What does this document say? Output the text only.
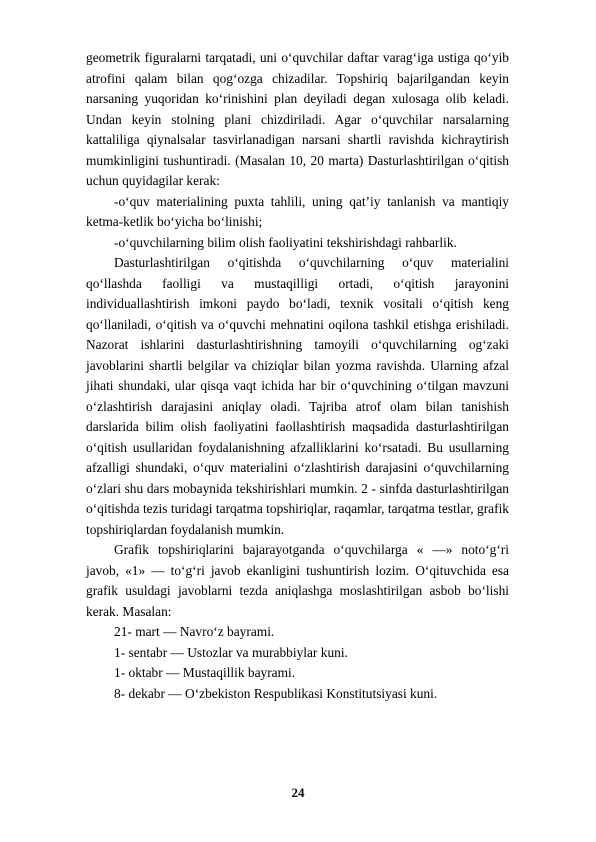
geometrik figuralarni tarqatadi, uni o‘quvchilar daftar varag‘iga ustiga qo‘yib atrofini qalam bilan qog‘ozga chizadilar. Topshiriq bajarilgandan keyin narsaning yuqoridan ko‘rinishini plan deyiladi degan xulosaga olib keladi. Undan keyin stolning plani chizdiriladi. Agar o‘quvchilar narsalarning kattaliliga qiynalsalar tasvirlanadigan narsani shartli ravishda kichraytirish mumkinligini tushuntiradi. (Masalan 10, 20 marta) Dasturlashtirilgan o‘qitish uchun quyidagilar kerak:

-o‘quv materialining puxta tahlili, uning qat’iy tanlanish va mantiqiy ketma-ketlik bo‘yicha bo‘linishi;

-o‘quvchilarning bilim olish faoliyatini tekshirishdagi rahbarlik.

Dasturlashtirilgan o‘qitishda o‘quvchilarning o‘quv materialini qo‘llashda faolligi va mustaqilligi ortadi, o‘qitish jarayonini individuallashtirish imkoni paydo bo‘ladi, texnik vositali o‘qitish keng qo‘llaniladi, o‘qitish va o‘quvchi mehnatini oqilona tashkil etishga erishiladi. Nazorat ishlarini dasturlashtirishning tamoyili o‘quvchilarning og‘zaki javoblarini shartli belgilar va chiziqlar bilan yozma ravishda. Ularning afzal jihati shundaki, ular qisqa vaqt ichida har bir o‘quvchining o‘tilgan mavzuni o‘zlashtirish darajasini aniqlay oladi. Tajriba atrof olam bilan tanishish darslarida bilim olish faoliyatini faollashtirish maqsadida dasturlashtirilgan o‘qitish usullaridan foydalanishning afzalliklarini ko‘rsatadi. Bu usullarning afzalligi shundaki, o‘quv materialini o‘zlashtirish darajasini o‘quvchilarning o‘zlari shu dars mobaynida tekshirishlari mumkin. 2 - sinfda dasturlashtirilgan o‘qitishda tezis turidagi tarqatma topshiriqlar, raqamlar, tarqatma testlar, grafik topshiriqlardan foydalanish mumkin.

Grafik topshiriqlarini bajarayotganda o‘quvchilarga « —» noto‘g‘ri javob, «1» — to‘g‘ri javob ekanligini tushuntirish lozim. O‘qituvchida esa grafik usuldagi javoblarni tezda aniqlashga moslashtirilgan asbob bo‘lishi kerak. Masalan:

21- mart — Navro‘z bayrami.

1- sentabr — Ustozlar va murabbiylar kuni.

1- oktabr — Mustaqillik bayrami.

8- dekabr — O‘zbekiston Respublikasi Konstitutsiyasi kuni.

24
